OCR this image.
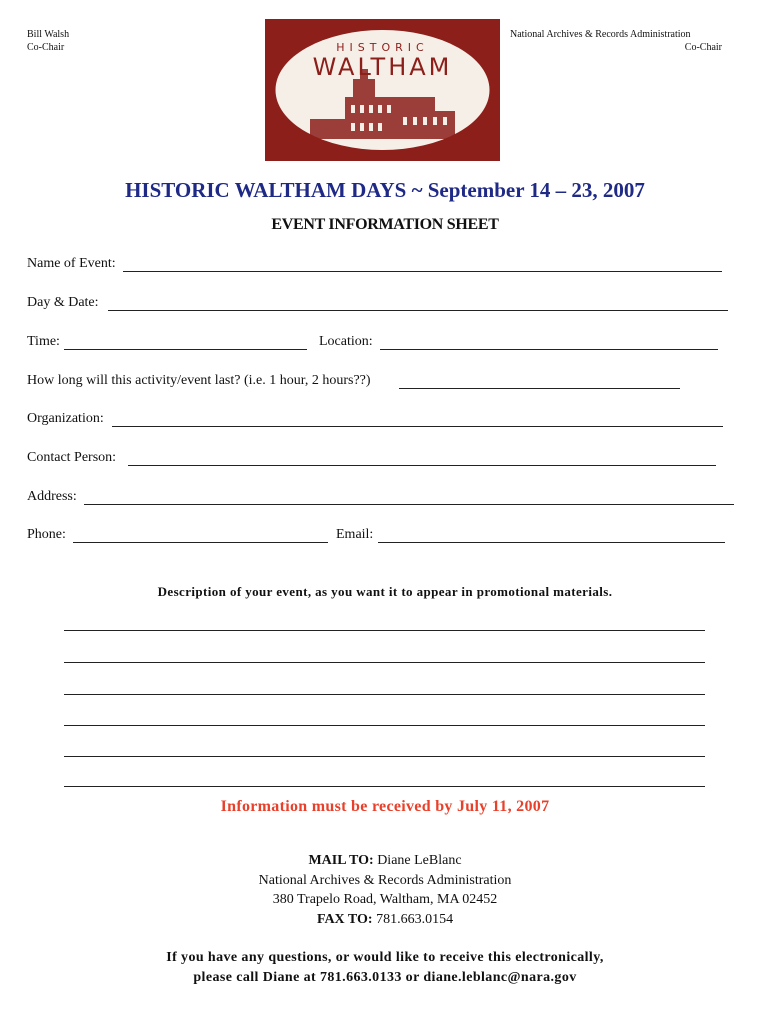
Bill Walsh
Co-Chair	HISTORIC
WALTHAM
National Archives & Records Administration
Co-Chair
HISTORIC WALTHAM DAYS ~ September 14 – 23, 2007
EVENT INFORMATION SHEET
Name of Event:
Day & Date:
Time:	Location:
How long will this activity/event last? (i.e. 1 hour, 2 hours??)
Organization:
Contact Person:
Address:
Phone:	Email:
Description of your event, as you want it to appear in promotional materials.
Information must be received by July 11, 2007
MAIL TO: Diane LeBlanc
National Archives & Records Administration
380 Trapelo Road, Waltham, MA 02452
FAX TO: 781.663.0154
If you have any questions, or would like to receive this electronically,
please call Diane at 781.663.0133 or diane.leblanc@nara.gov
